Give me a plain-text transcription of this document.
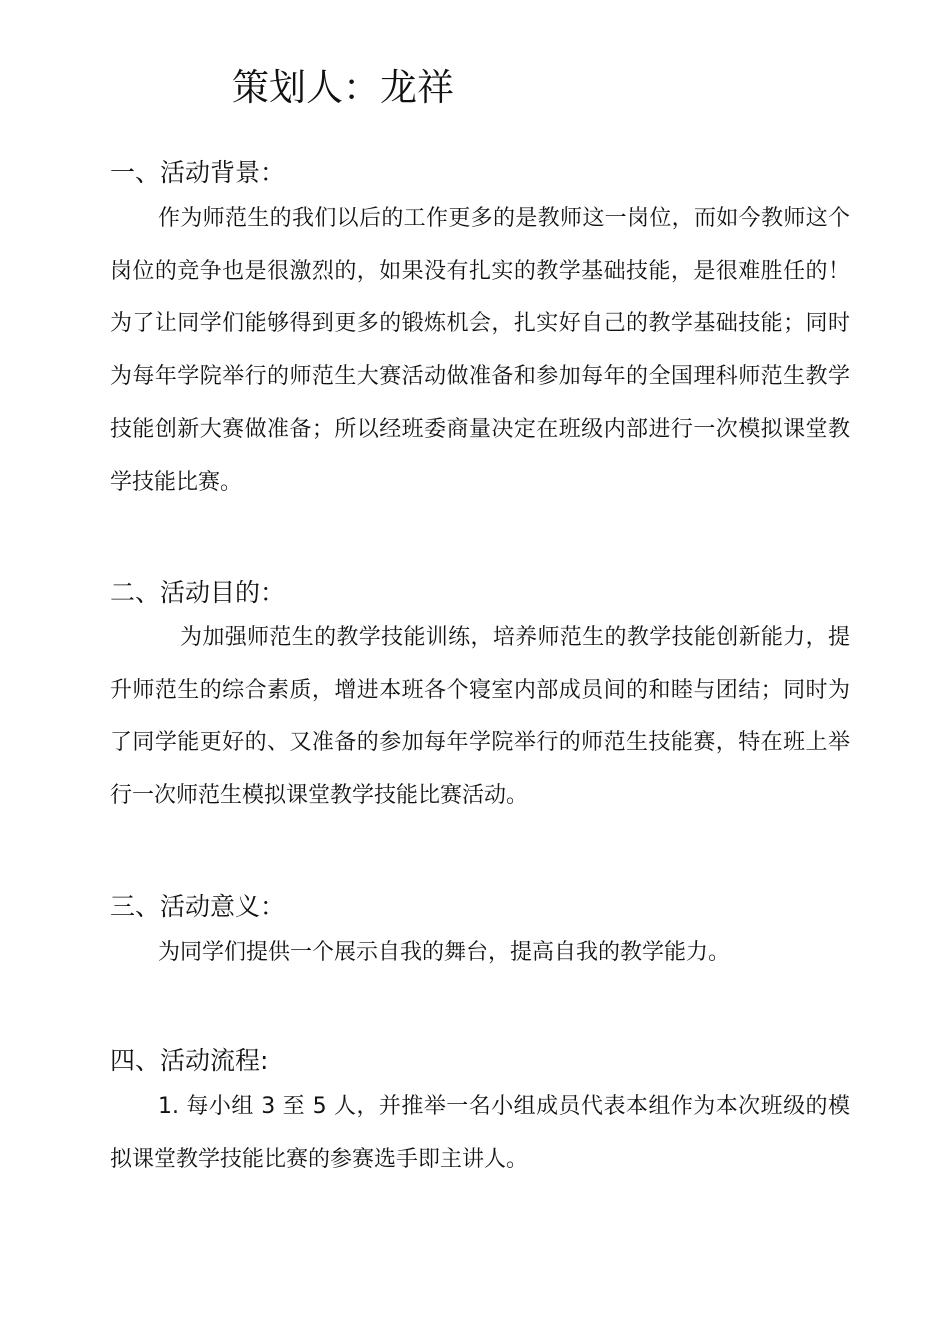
策划人：龙祥
一、活动背景：

作为师范生的我们以后的工作更多的是教师这一岗位，而如今教师这个岗位的竞争也是很激烈的，如果没有扎实的教学基础技能，是很难胜任的！为了让同学们能够得到更多的锻炼机会，扎实好自己的教学基础技能；同时为每年学院举行的师范生大赛活动做准备和参加每年的全国理科师范生教学技能创新大赛做准备；所以经班委商量决定在班级内部进行一次模拟课堂教学技能比赛。

二、活动目的：

为加强师范生的教学技能训练，培养师范生的教学技能创新能力，提升师范生的综合素质，增进本班各个寝室内部成员间的和睦与团结；同时为了同学能更好的、又准备的参加每年学院举行的师范生技能赛，特在班上举行一次师范生模拟课堂教学技能比赛活动。

三、活动意义：

为同学们提供一个展示自我的舞台，提高自我的教学能力。

四、活动流程:

1. 每小组 3 至 5 人，并推举一名小组成员代表本组作为本次班级的模拟课堂教学技能比赛的参赛选手即主讲人。
